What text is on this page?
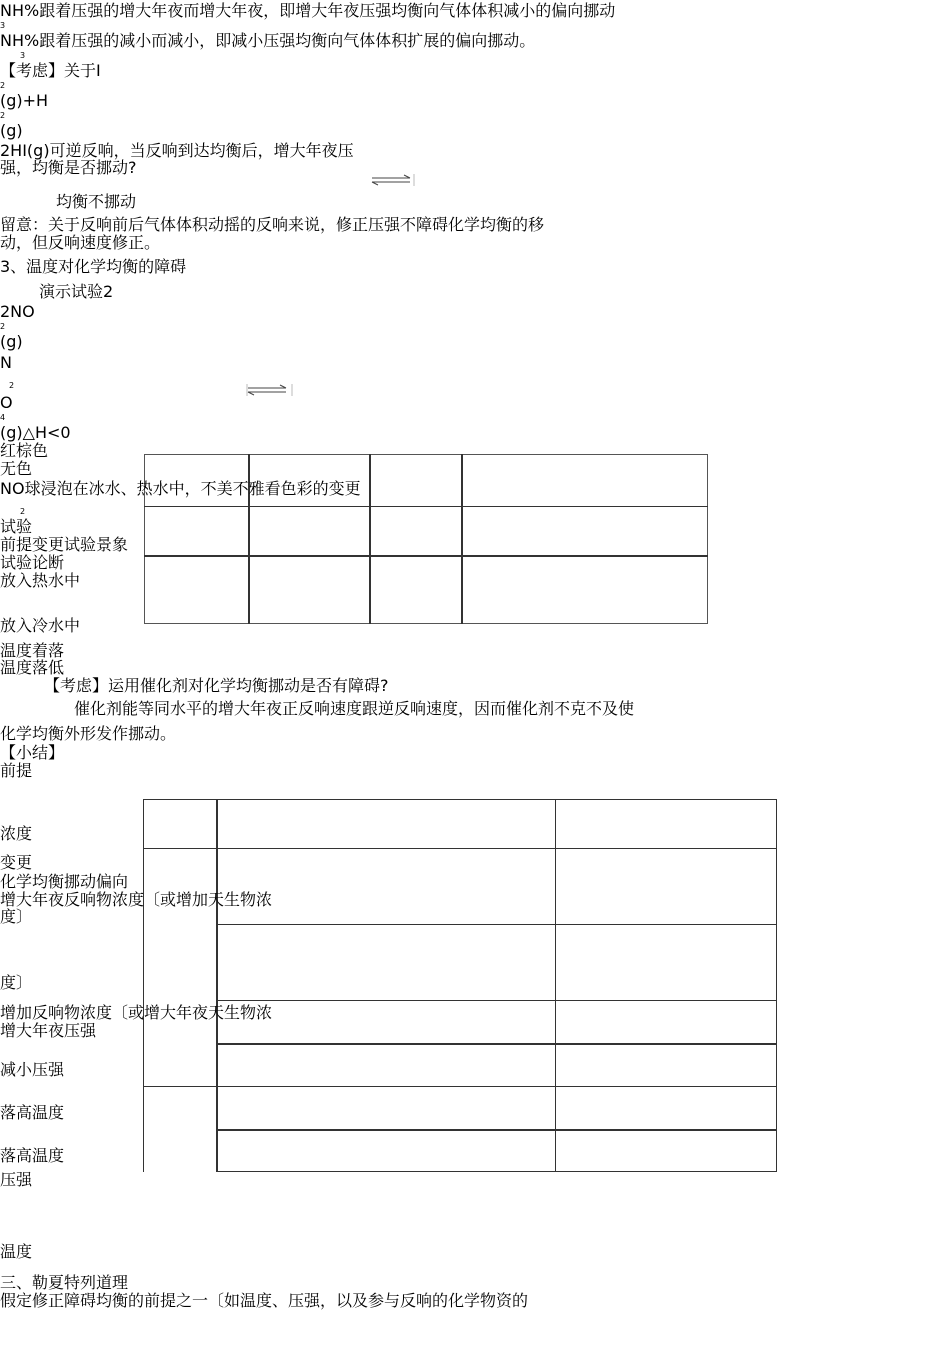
NH%跟着压强的增大年夜而增大年夜，即增大年夜压强均衡向气体体积减小的偏向挪动
3
NH%跟着压强的减小而减小，即减小压强均衡向气体体积扩展的偏向挪动。
3
【考虑】关于I
2
(g)+H
2
(g)
2HI(g)可逆反响，当反响到达均衡后，增大年夜压
强，均衡是否挪动?
均衡不挪动
留意：关于反响前后气体体积动摇的反响来说，修正压强不障碍化学均衡的移
动，但反响速度修正。
3、温度对化学均衡的障碍
演示试验2
2NO
2
(g)
N
2
O
4
(g)△H<0
红棕色
无色
NO球浸泡在冰水、热水中，不美不雅看色彩的变更
2
试验
前提变更试验景象
试验论断
放入热水中
放入冷水中
温度着落
温度落低
【考虑】运用催化剂对化学均衡挪动是否有障碍?
催化剂能等同水平的增大年夜正反响速度跟逆反响速度，因而催化剂不克不及使
化学均衡外形发作挪动。
【小结】
前提
浓度
变更
化学均衡挪动偏向
增大年夜反响物浓度〔或增加天生物浓
度〕
度〕
增加反响物浓度〔或增大年夜天生物浓
增大年夜压强
减小压强
落高温度
落高温度
压强
温度
三、勒夏特列道理
假定修正障碍均衡的前提之一〔如温度、压强，以及参与反响的化学物资的
